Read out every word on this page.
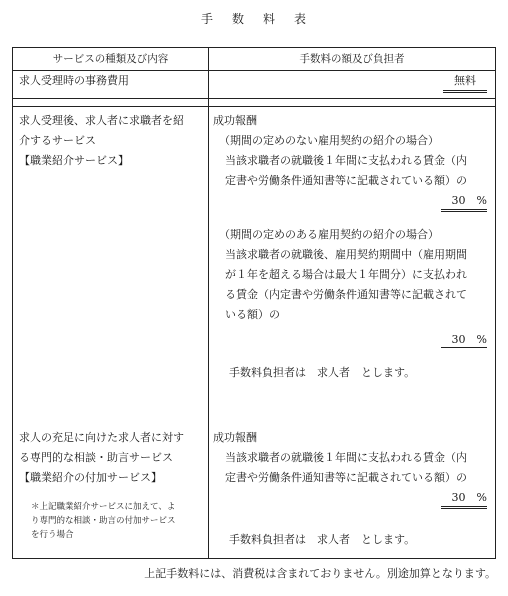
手 数 料 表
サービスの種類及び内容	手数料の額及び負担者
求人受理時の事務費用	無料
求人受理後、求人者に求職者を紹
介するサービス
【職業紹介サービス】
成功報酬
（期間の定めのない雇用契約の紹介の場合）
当該求職者の就職後１年間に支払われる賃金（内
定書や労働条件通知書等に記載されている額）の
30　%
（期間の定めのある雇用契約の紹介の場合）
当該求職者の就職後、雇用契約期間中（雇用期間
が１年を超える場合は最大１年間分）に支払われ
る賃金（内定書や労働条件通知書等に記載されて
いる額）の
30　%
手数料負担者は　求人者　とします。
求人の充足に向けた求人者に対す
る専門的な相談・助言サービス
【職業紹介の付加サービス】
＊上記職業紹介サービスに加えて、よ
り専門的な相談・助言の付加サービス
を行う場合
成功報酬
当該求職者の就職後１年間に支払われる賃金（内
定書や労働条件通知書等に記載されている額）の
30　%
手数料負担者は　求人者　とします。
上記手数料には、消費税は含まれておりません。別途加算となります。
